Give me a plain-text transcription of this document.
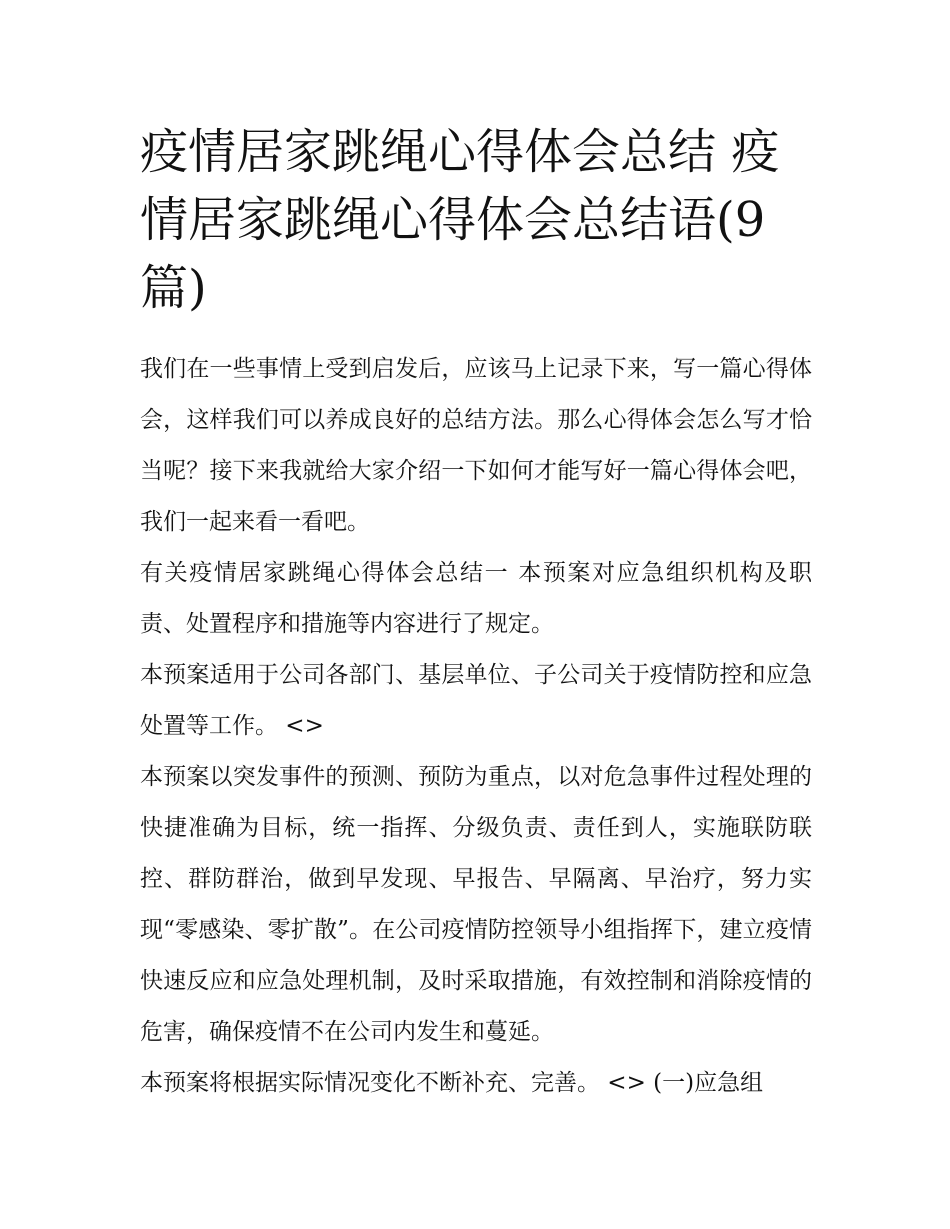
疫情居家跳绳心得体会总结 疫情居家跳绳心得体会总结语(9篇)

我们在一些事情上受到启发后，应该马上记录下来，写一篇心得体会，这样我们可以养成良好的总结方法。那么心得体会怎么写才恰当呢？接下来我就给大家介绍一下如何才能写好一篇心得体会吧，我们一起来看一看吧。

有关疫情居家跳绳心得体会总结一 本预案对应急组织机构及职责、处置程序和措施等内容进行了规定。

本预案适用于公司各部门、基层单位、子公司关于疫情防控和应急处置等工作。 <>

本预案以突发事件的预测、预防为重点，以对危急事件过程处理的快捷准确为目标，统一指挥、分级负责、责任到人，实施联防联控、群防群治，做到早发现、早报告、早隔离、早治疗，努力实现“零感染、零扩散”。在公司疫情防控领导小组指挥下，建立疫情快速反应和应急处理机制，及时采取措施，有效控制和消除疫情的危害，确保疫情不在公司内发生和蔓延。

本预案将根据实际情况变化不断补充、完善。 <> (一)应急组
